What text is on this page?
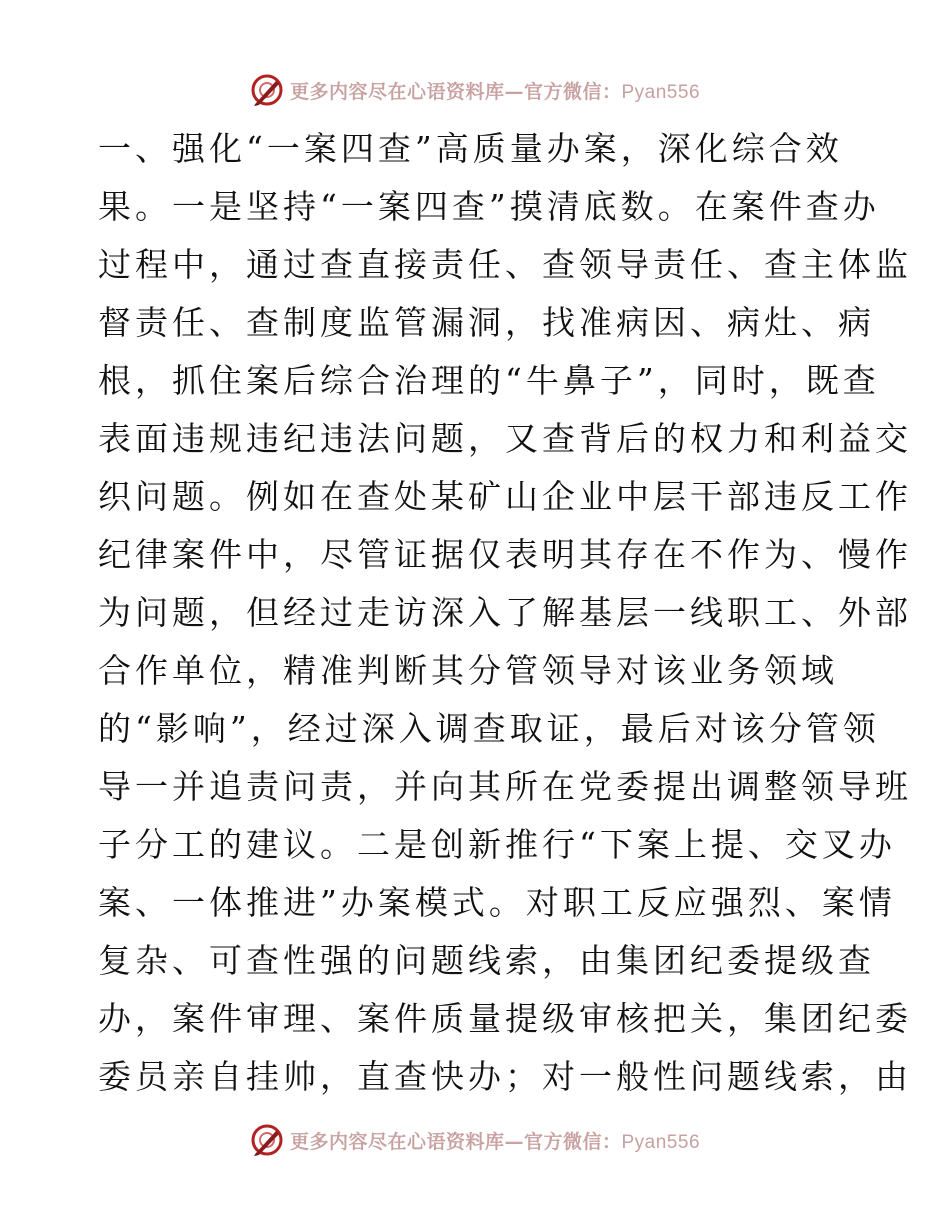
更多内容尽在心语资料库—官方微信：Pyan556
一、强化“一案四查”高质量办案，深化综合效
果。一是坚持“一案四查”摸清底数。在案件查办
过程中，通过查直接责任、查领导责任、查主体监
督责任、查制度监管漏洞，找准病因、病灶、病
根，抓住案后综合治理的“牛鼻子”，同时，既查
表面违规违纪违法问题，又查背后的权力和利益交
织问题。例如在查处某矿山企业中层干部违反工作
纪律案件中，尽管证据仅表明其存在不作为、慢作
为问题，但经过走访深入了解基层一线职工、外部
合作单位，精准判断其分管领导对该业务领域
的“影响”，经过深入调查取证，最后对该分管领
导一并追责问责，并向其所在党委提出调整领导班
子分工的建议。二是创新推行“下案上提、交叉办
案、一体推进”办案模式。对职工反应强烈、案情
复杂、可查性强的问题线索，由集团纪委提级查
办，案件审理、案件质量提级审核把关，集团纪委
委员亲自挂帅，直查快办；对一般性问题线索，由
更多内容尽在心语资料库—官方微信：Pyan556
